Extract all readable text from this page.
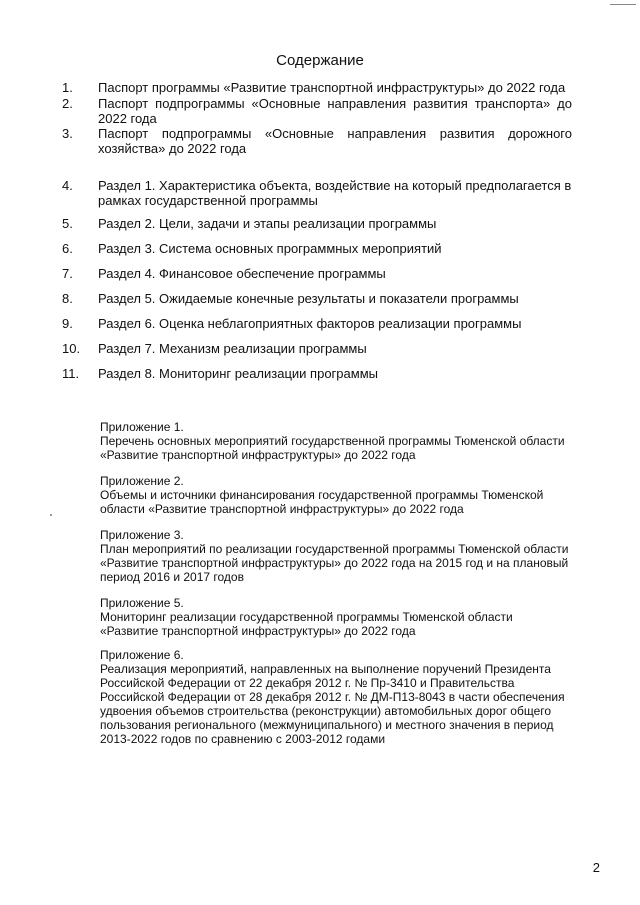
Содержание
1.	Паспорт программы «Развитие транспортной инфраструктуры» до 2022 года
2.	Паспорт подпрограммы «Основные направления развития транспорта» до 2022 года
3.	Паспорт подпрограммы «Основные направления развития дорожного хозяйства» до 2022 года
4.	Раздел 1. Характеристика объекта, воздействие на который предполагается в рамках государственной программы
5.	Раздел 2. Цели, задачи и этапы реализации программы
6.	Раздел 3. Система основных программных мероприятий
7.	Раздел 4. Финансовое обеспечение программы
8.	Раздел 5. Ожидаемые конечные результаты и показатели программы
9.	Раздел 6. Оценка неблагоприятных факторов реализации программы
10.	Раздел 7. Механизм реализации программы
11.	Раздел 8. Мониторинг реализации программы
Приложение 1.
Перечень основных мероприятий государственной программы Тюменской области «Развитие транспортной инфраструктуры» до 2022 года
Приложение 2.
Объемы и источники финансирования государственной программы Тюменской области «Развитие транспортной инфраструктуры» до 2022 года
Приложение 3.
План мероприятий по реализации государственной программы Тюменской области «Развитие транспортной инфраструктуры» до 2022 года на 2015 год и на плановый период 2016 и 2017 годов
Приложение 5.
Мониторинг реализации государственной программы Тюменской области «Развитие транспортной инфраструктуры» до 2022 года
Приложение 6.
Реализация мероприятий, направленных на выполнение поручений Президента Российской Федерации от 22 декабря 2012 г. № Пр-3410 и Правительства Российской Федерации от 28 декабря 2012 г. № ДМ-П13-8043 в части обеспечения удвоения объемов строительства (реконструкции) автомобильных дорог общего пользования регионального (межмуниципального) и местного значения в период 2013-2022 годов по сравнению с 2003-2012 годами
2
